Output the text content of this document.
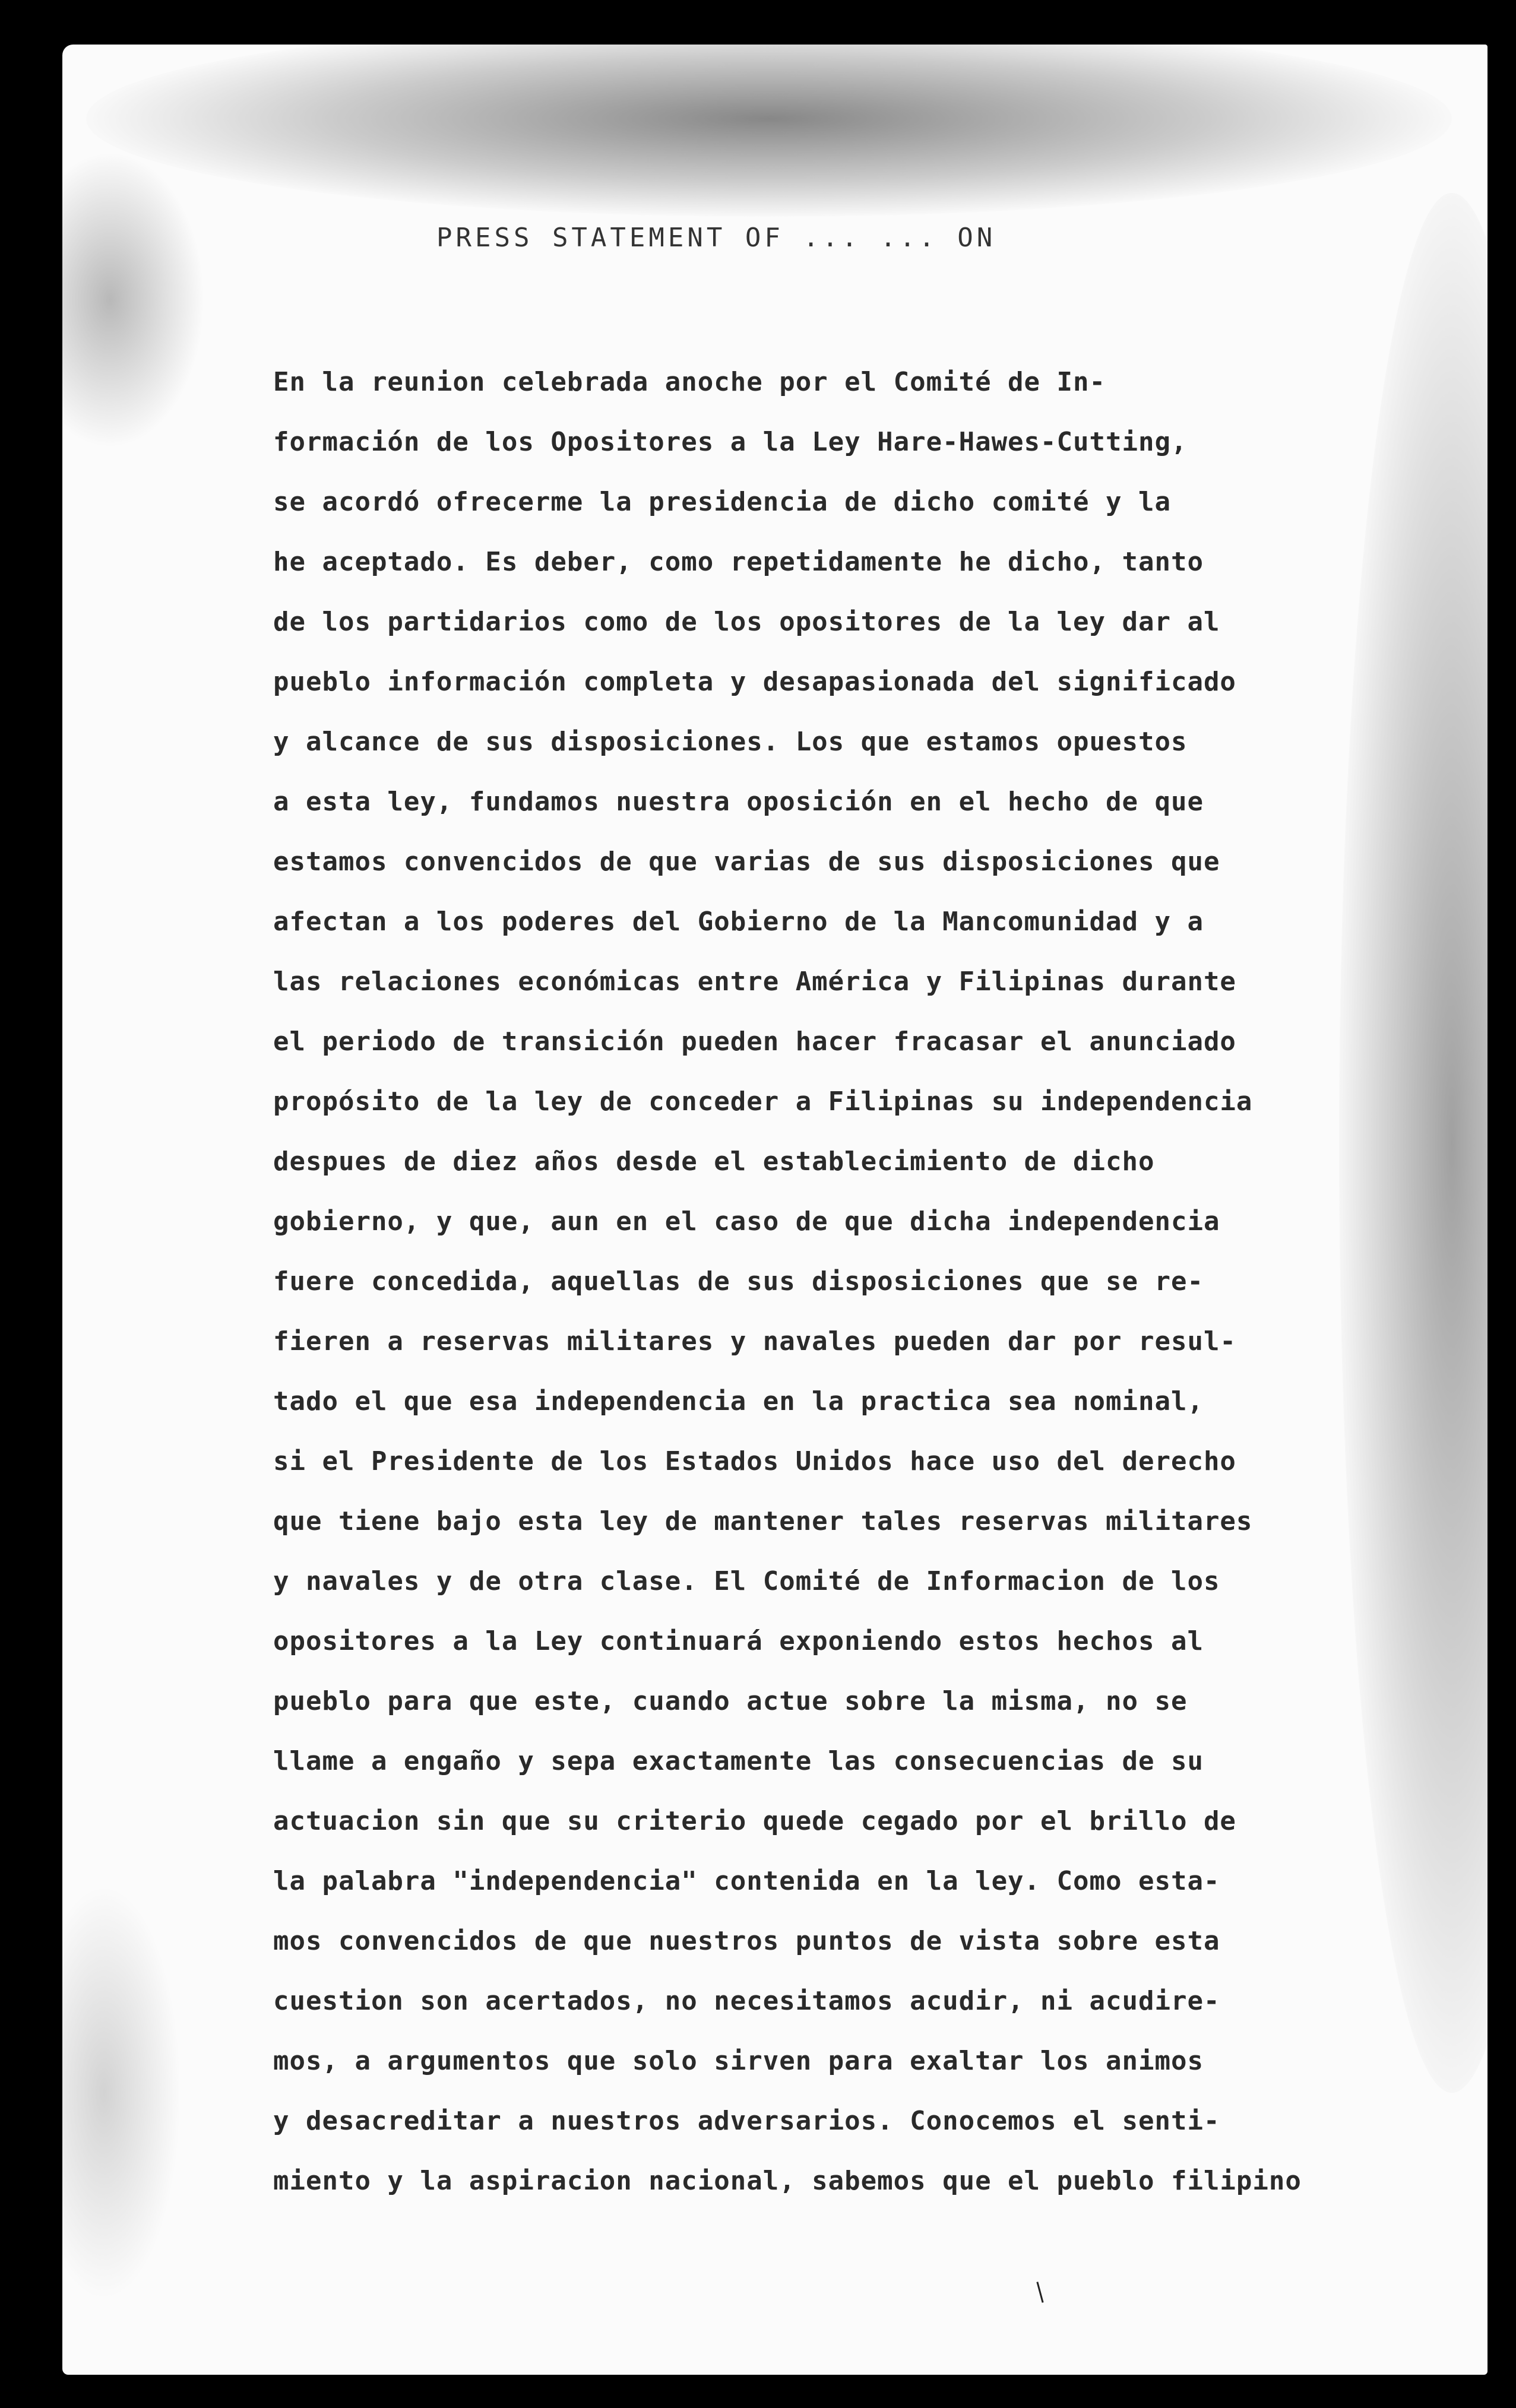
PRESS STATEMENT OF ... ... ON
En la reunion celebrada anoche por el Comité de In-
formación de los Opositores a la Ley Hare-Hawes-Cutting,
se acordó ofrecerme la presidencia de dicho comité y la
he aceptado. Es deber, como repetidamente he dicho, tanto
de los partidarios como de los opositores de la ley dar al
pueblo información completa y desapasionada del significado
y alcance de sus disposiciones. Los que estamos opuestos
a esta ley, fundamos nuestra oposición en el hecho de que
estamos convencidos de que varias de sus disposiciones que
afectan a los poderes del Gobierno de la Mancomunidad y a
las relaciones económicas entre América y Filipinas durante
el periodo de transición pueden hacer fracasar el anunciado
propósito de la ley de conceder a Filipinas su independencia
despues de diez años desde el establecimiento de dicho
gobierno, y que, aun en el caso de que dicha independencia
fuere concedida, aquellas de sus disposiciones que se re-
fieren a reservas militares y navales pueden dar por resul-
tado el que esa independencia en la practica sea nominal,
si el Presidente de los Estados Unidos hace uso del derecho
que tiene bajo esta ley de mantener tales reservas militares
y navales y de otra clase. El Comité de Informacion de los
opositores a la Ley continuará exponiendo estos hechos al
pueblo para que este, cuando actue sobre la misma, no se
llame a engaño y sepa exactamente las consecuencias de su
actuacion sin que su criterio quede cegado por el brillo de
la palabra "independencia" contenida en la ley. Como esta-
mos convencidos de que nuestros puntos de vista sobre esta
cuestion son acertados, no necesitamos acudir, ni acudire-
mos, a argumentos que solo sirven para exaltar los animos
y desacreditar a nuestros adversarios. Conocemos el senti-
miento y la aspiracion nacional, sabemos que el pueblo filipino
